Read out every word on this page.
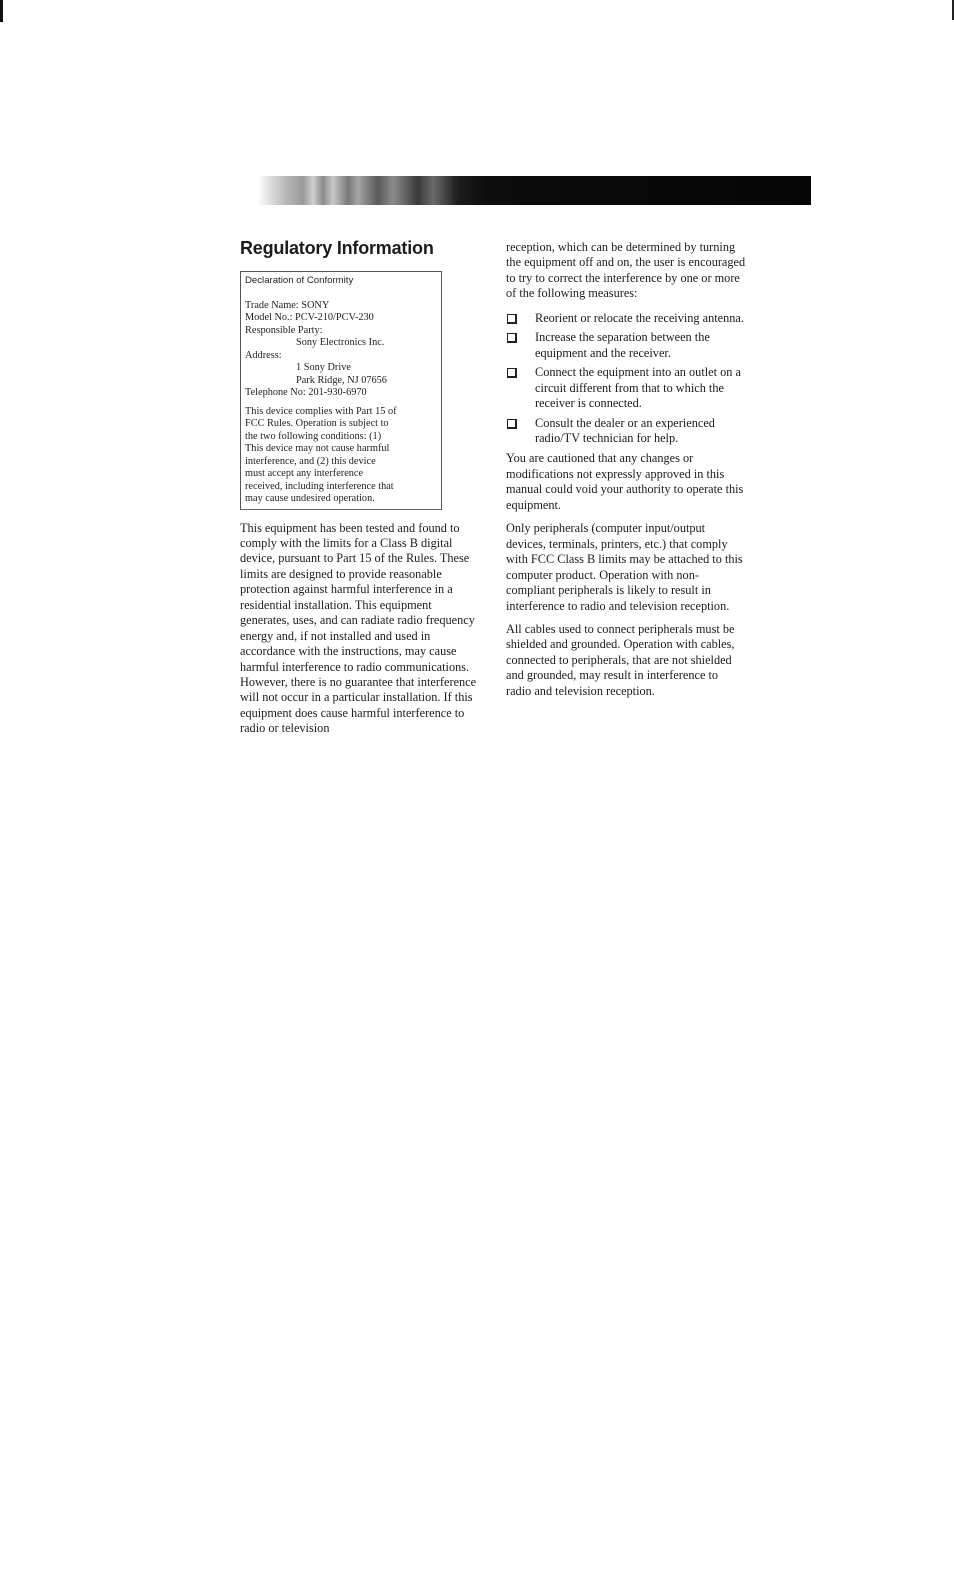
Regulatory Information
Declaration of Conformity
Trade Name: SONY
Model No.: PCV-210/PCV-230
Responsible Party:
Sony Electronics Inc.
Address:
1 Sony Drive
Park Ridge, NJ 07656
Telephone No: 201-930-6970
This device complies with Part 15 of
FCC Rules. Operation is subject to
the two following conditions: (1)
This device may not cause harmful
interference, and (2) this device
must accept any interference
received, including interference that
may cause undesired operation.

This equipment has been tested and found to comply with the limits for a Class B digital device, pursuant to Part 15 of the Rules. These limits are designed to provide reasonable protection against harmful interference in a residential installation. This equipment generates, uses, and can radiate radio frequency energy and, if not installed and used in accordance with the instructions, may cause harmful interference to radio communications. However, there is no guarantee that interference will not occur in a particular installation. If this equipment does cause harmful interference to radio or television

reception, which can be determined by turning the equipment off and on, the user is encouraged to try to correct the interference by one or more of the following measures:

Reorient or relocate the receiving antenna.
Increase the separation between the equipment and the receiver.
Connect the equipment into an outlet on a circuit different from that to which the receiver is connected.
Consult the dealer or an experienced radio/TV technician for help.

You are cautioned that any changes or modifications not expressly approved in this manual could void your authority to operate this equipment.

Only peripherals (computer input/output devices, terminals, printers, etc.) that comply with FCC Class B limits may be attached to this computer product. Operation with non-compliant peripherals is likely to result in interference to radio and television reception.

All cables used to connect peripherals must be shielded and grounded. Operation with cables, connected to peripherals, that are not shielded and grounded, may result in interference to radio and television reception.
